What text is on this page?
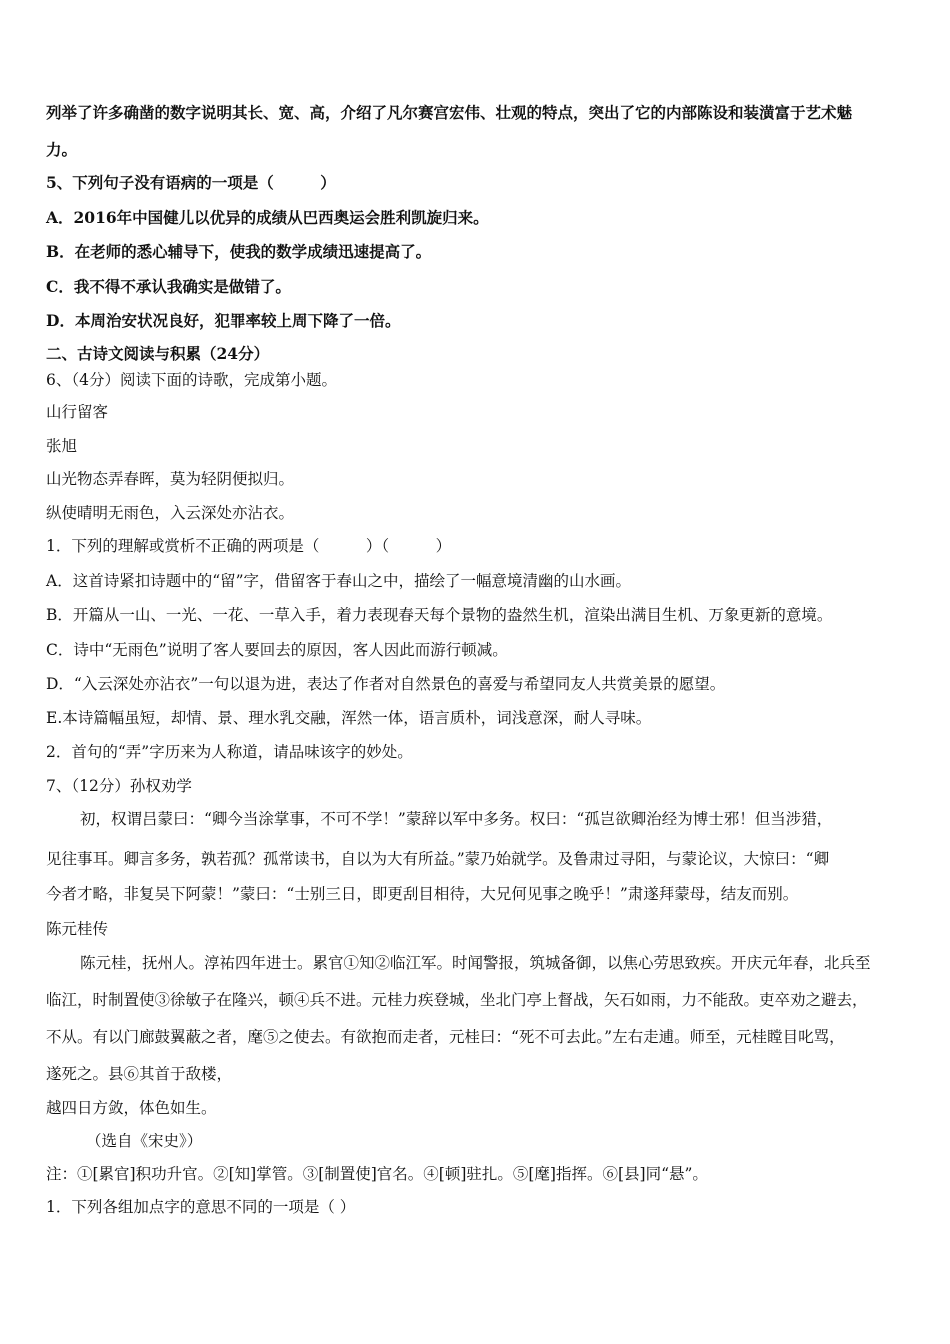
列举了许多确凿的数字说明其长、宽、高，介绍了凡尔赛宫宏伟、壮观的特点，突出了它的内部陈设和装潢富于艺术魅
力。
5、下列句子没有语病的一项是（　　　）
A．2016年中国健儿以优异的成绩从巴西奥运会胜利凯旋归来。
B．在老师的悉心辅导下，使我的数学成绩迅速提高了。
C．我不得不承认我确实是做错了。
D．本周治安状况良好，犯罪率较上周下降了一倍。
二、古诗文阅读与积累（24分）
6、（4分）阅读下面的诗歌，完成第小题。
山行留客
张旭
山光物态弄春晖，莫为轻阴便拟归。
纵使晴明无雨色，入云深处亦沾衣。
1．下列的理解或赏析不正确的两项是（　　　）（　　　）
A．这首诗紧扣诗题中的“留”字，借留客于春山之中，描绘了一幅意境清幽的山水画。
B．开篇从一山、一光、一花、一草入手，着力表现春天每个景物的盎然生机，渲染出满目生机、万象更新的意境。
C．诗中“无雨色”说明了客人要回去的原因，客人因此而游行顿减。
D．“入云深处亦沾衣”一句以退为进，表达了作者对自然景色的喜爱与希望同友人共赏美景的愿望。
E.本诗篇幅虽短，却情、景、理水乳交融，浑然一体，语言质朴，词浅意深，耐人寻味。
2．首句的“弄”字历来为人称道，请品味该字的妙处。
7、（12分）孙权劝学
初，权谓吕蒙曰：“卿今当涂掌事，不可不学！”蒙辞以军中多务。权曰：“孤岂欲卿治经为博士邪！但当涉猎，
见往事耳。卿言多务，孰若孤？孤常读书，自以为大有所益。”蒙乃始就学。及鲁肃过寻阳，与蒙论议，大惊曰：“卿
今者才略，非复吴下阿蒙！”蒙曰：“士别三日，即更刮目相待，大兄何见事之晚乎！”肃遂拜蒙母，结友而别。
陈元桂传
陈元桂，抚州人。淳祐四年进士。累官①知②临江军。时闻警报，筑城备御，以焦心劳思致疾。开庆元年春，北兵至
临江，时制置使③徐敏子在隆兴，顿④兵不进。元桂力疾登城，坐北门亭上督战，矢石如雨，力不能敌。吏卒劝之避去，
不从。有以门廊鼓翼蔽之者，麾⑤之使去。有欲抱而走者，元桂曰：“死不可去此。”左右走逋。师至，元桂瞠目叱骂，
遂死之。县⑥其首于敌楼，
越四日方敛，体色如生。
（选自《宋史》）
注：①[累官]积功升官。②[知]掌管。③[制置使]官名。④[顿]驻扎。⑤[麾]指挥。⑥[县]同“悬”。
1．下列各组加点字的意思不同的一项是（ ）
